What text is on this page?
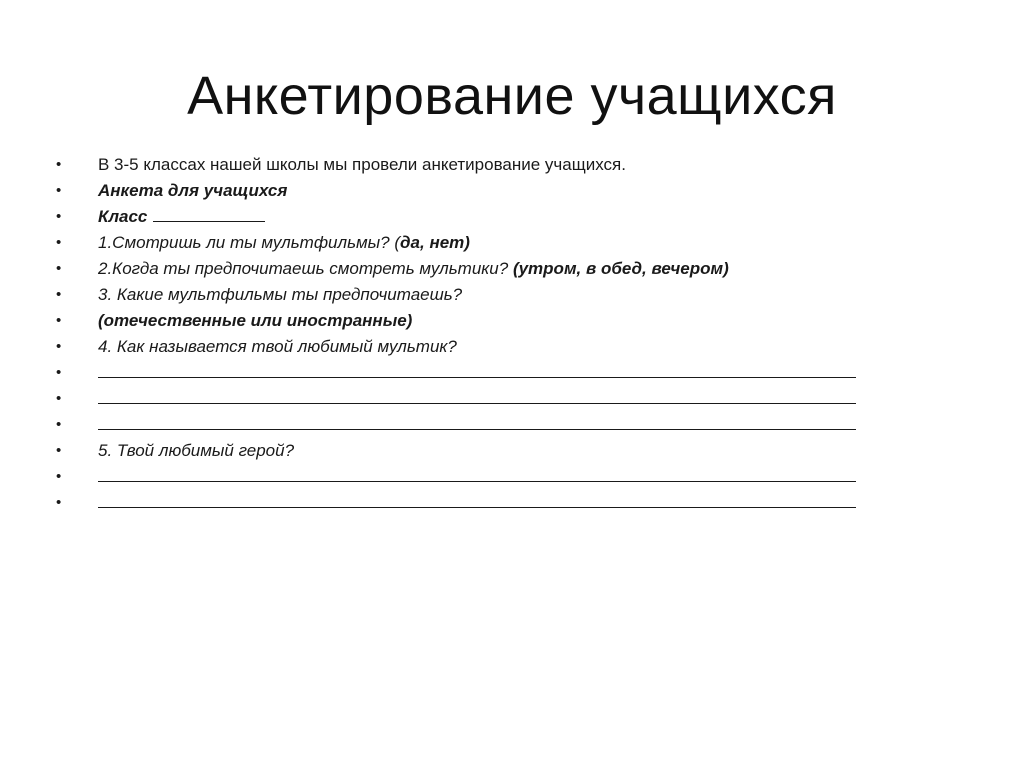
Анкетирование учащихся
•	В 3-5 классах нашей школы мы провели анкетирование учащихся.
•	Анкета для учащихся
•	Класс
•	1.Смотришь ли ты мультфильмы? (да, нет)
•	2.Когда ты предпочитаешь смотреть мультики? (утром, в обед, вечером)
•	3. Какие мультфильмы ты предпочитаешь?
•	(отечественные или иностранные)
•	4. Как называется твой любимый мультик?
•
•
•
•	5. Твой любимый герой?
•
•
